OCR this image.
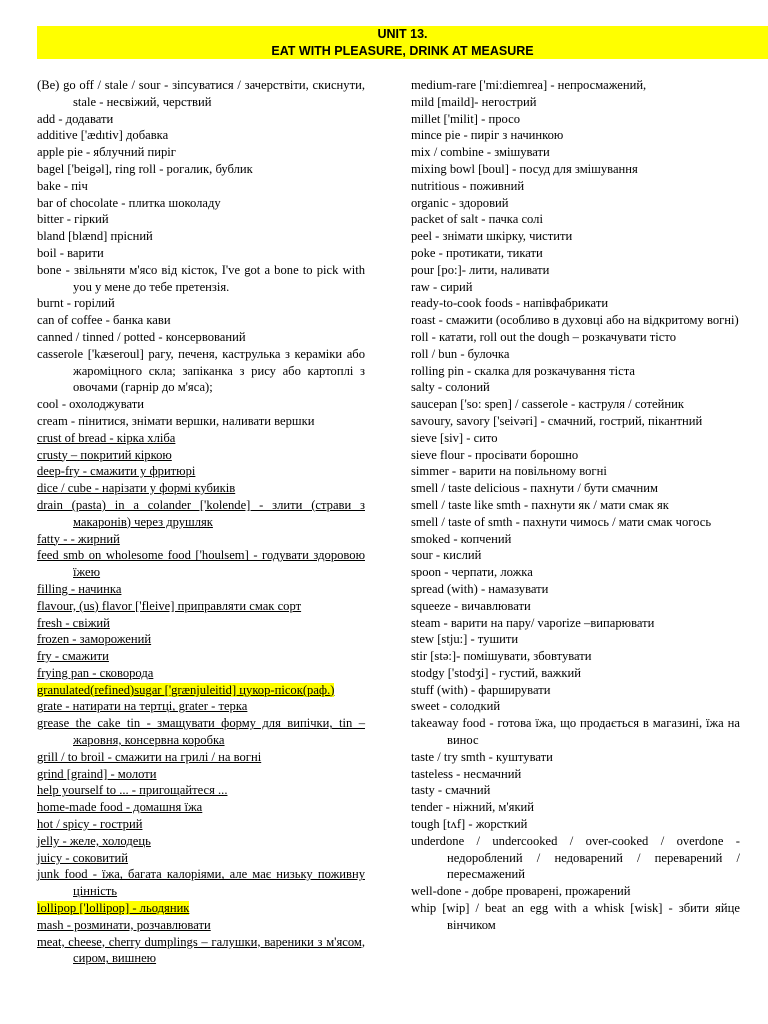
UNIT 13.
EAT WITH PLEASURE, DRINK AT MEASURE
(Be) go off / stale / sour - зіпсуватися / зачерствіти, скиснути, stale - несвіжий, черствий
add - додавати
additive ['ædıtiv] добавка
apple pie - яблучний пиріг
bagel ['beigəl], ring roll - рогалик, бублик
bake - піч
bar of chocolate - плитка шоколаду
bitter - гіркий
bland [blænd] прісний
boil - варити
bone - звільняти м'ясо від кісток, I've got a bone to pick with you у мене до тебе претензія.
burnt - горілий
can of coffee - банка кави
canned / tinned / potted - консервований
casserole ['kæseroul] рагу, печеня, каструлька з кераміки або жароміцного скла; запіканка з рису або картоплі з овочами (гарнір до м'яса);
cool - охолоджувати
cream - пінитися, знімати вершки, наливати вершки
crust of bread - кірка хліба
crusty – покритий кіркою
deep-fry - смажити у фритюрі
dice / cube - нарізати у формі кубиків
drain (pasta) in a colander ['kolende] - злити (страви з макаронів) через друшляк
fatty - - жирний
feed smb on wholesome food ['houlsem] - годувати здоровою їжею
filling - начинка
flavour, (us) flavor ['fleive] приправляти смак сорт
fresh - свіжий
frozen - заморожений
fry - смажити
frying pan - сковорода
granulated(refined)sugar ['grænjuleitid] цукор-пісок(раф.)
grate - натирати на тертці, grater - терка
grease the cake tin - змащувати форму для випічки, tin – жаровня, консервна коробка
grill / to broil - смажити на грилі / на вогні
grind [graind] - молоти
help yourself to ... - пригощайтеся ...
home-made food - домашня їжа
hot / spicy - гострий
jelly - желе, холодець
juicy - соковитий
junk food - їжа, багата калоріями, але має низьку поживну цінність
lollipop ['lollipop] - льодяник
mash - розминати, розчавлювати
meat, cheese, cherry dumplings – галушки, вареники з м'ясом, сиром, вишнею
medium-rare ['mi:diemrea] - непросмажений,
mild [maild]- негострий
millet ['milit] - просо
mince pie - пиріг з начинкою
mix / combine - змішувати
mixing bowl [boul] - посуд для змішування
nutritious - поживний
organic - здоровий
packet of salt - пачка солі
peel - знімати шкірку, чистити
poke - протикати, тикати
pour [po:]- лити, наливати
raw - сирий
ready-to-cook foods - напівфабрикати
roast - смажити (особливо в духовці або на відкритому вогні)
roll - катати, roll out the dough – розкачувати тісто
roll / bun - булочка
rolling pin - скалка для розкачування тіста
salty - солоний
saucepan ['so: spen] / casserole - каструля / сотейник
savoury, savory ['seivəri] - смачний, гострий, пікантний
sieve [siv] - сито
sieve flour - просівати борошно
simmer - варити на повільному вогні
smell / taste delicious - пахнути / бути смачним
smell / taste like smth - пахнути як / мати смак як
smell / taste of smth - пахнути чимось / мати смак чогось
smoked - копчений
sour - кислий
spoon - черпати, ложка
spread (with) - намазувати
squeeze - вичавлювати
steam - варити на пару/ vaporize –випарювати
stew [stju:] - тушити
stir [stə:]- помішувати, збовтувати
stodgy ['stodʒi] - густий, важкий
stuff (with) - фарширувати
sweet - солодкий
takeaway food - готова їжа, що продається в магазині, їжа на винос
taste / try smth - куштувати
tasteless - несмачний
tasty - смачний
tender - ніжний, м'який
tough [tʌf] - жорсткий
underdone / undercooked / over-cooked / overdone - недороблений / недоварений / переварений / пересмажений
well-done - добре проварені, прожарений
whip [wip] / beat an egg with a whisk [wisk] - збити яйце вінчиком
